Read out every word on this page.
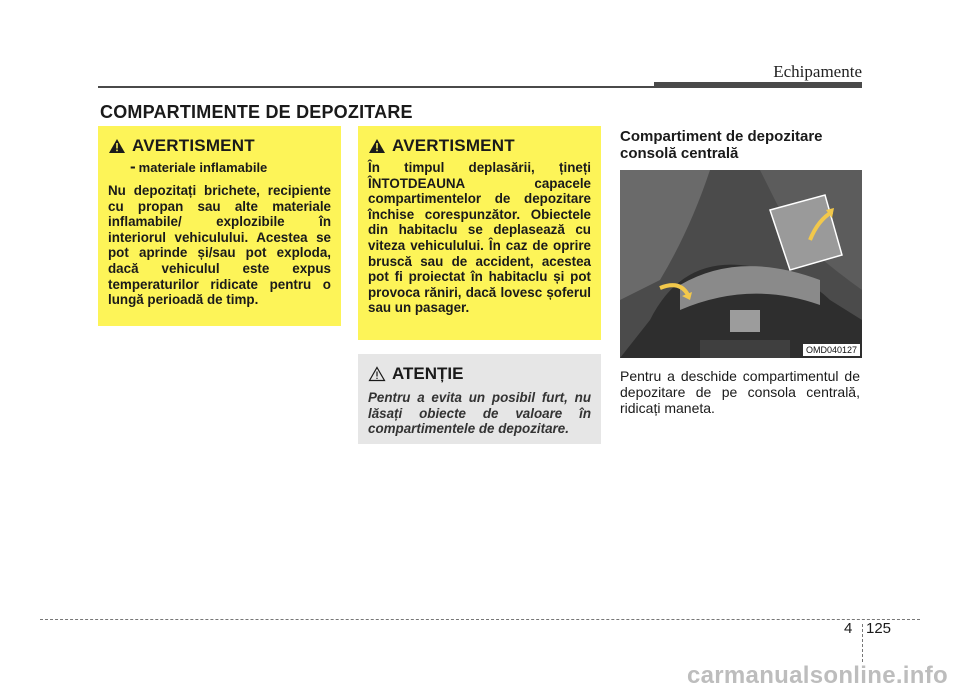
Echipamente
COMPARTIMENTE DE DEPOZITARE
AVERTISMENT
- materiale inflamabile
Nu depozitați brichete, recipiente cu propan sau alte materiale inflamabile/ explozibile în interiorul vehiculului. Acestea se pot aprinde și/sau pot exploda, dacă vehiculul este expus temperaturilor ridicate pentru o lungă perioadă de timp.
AVERTISMENT
În timpul deplasării, țineți ÎNTOTDEAUNA capacele compartimentelor de depozitare închise corespunzător. Obiectele din habitaclu se deplasează cu viteza vehiculului. În caz de oprire bruscă sau de accident, acestea pot fi proiectat în habitaclu și pot provoca răniri, dacă lovesc șoferul sau un pasager.
ATENȚIE
Pentru a evita un posibil furt, nu lăsați obiecte de valoare în compartimentele de depozitare.
Compartiment de depozitare consolă centrală
OMD040127
Pentru a deschide compartimentul de depozitare de pe consola centrală, ridicați maneta.
4 125
carmanualsonline.info
